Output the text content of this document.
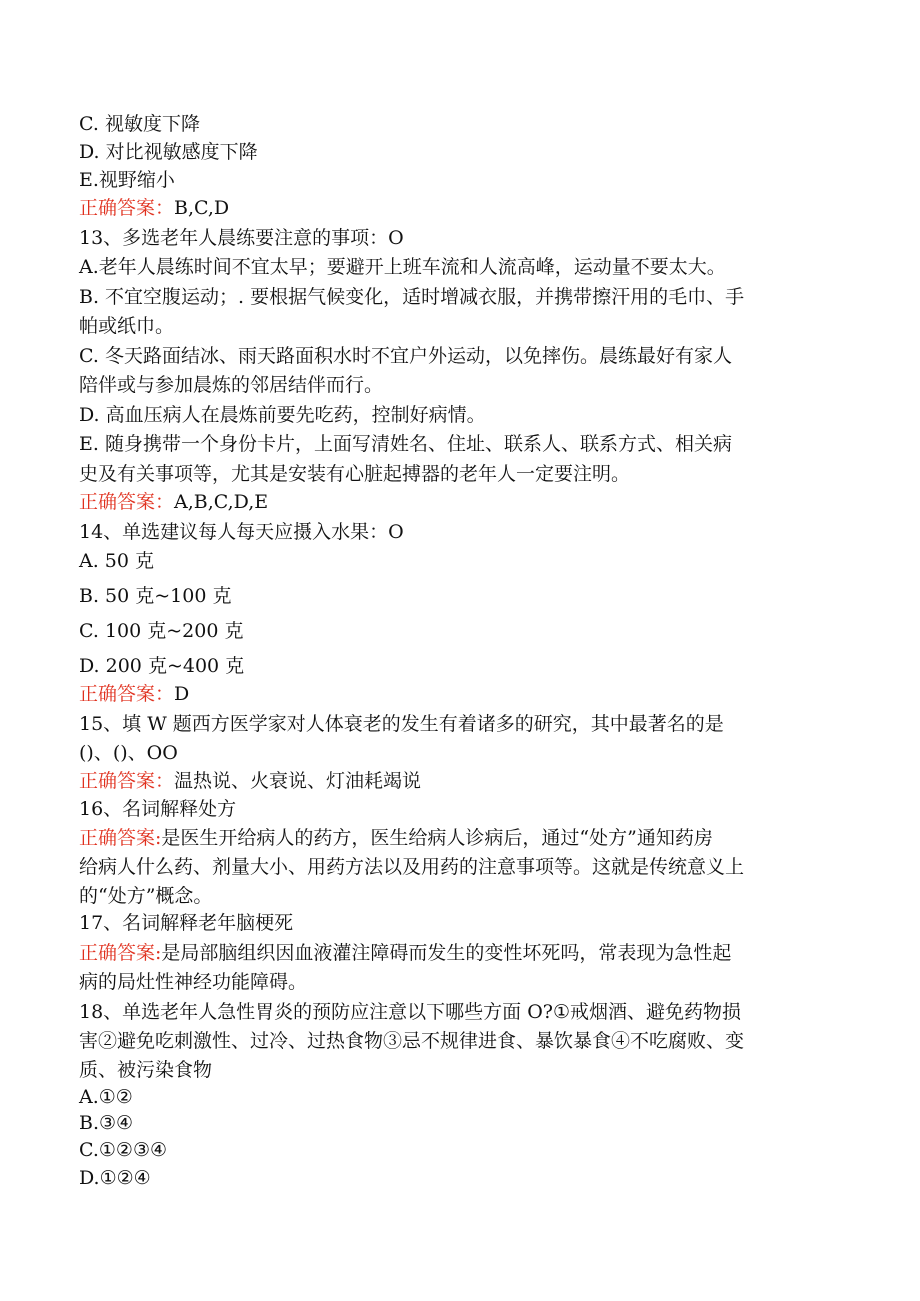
C. 视敏度下降
D. 对比视敏感度下降
E.视野缩小
正确答案：B,C,D
13、多选老年人晨练要注意的事项：O
A.老年人晨练时间不宜太早；要避开上班车流和人流高峰，运动量不要太大。
B. 不宜空腹运动；. 要根据气候变化，适时增减衣服，并携带擦汗用的毛巾、手
帕或纸巾。
C. 冬天路面结冰、雨天路面积水时不宜户外运动，以免摔伤。晨练最好有家人
陪伴或与参加晨炼的邻居结伴而行。
D. 高血压病人在晨炼前要先吃药，控制好病情。
E. 随身携带一个身份卡片，上面写清姓名、住址、联系人、联系方式、相关病
史及有关事项等，尤其是安装有心脏起搏器的老年人一定要注明。
正确答案：A,B,C,D,E
14、单选建议每人每天应摄入水果：O
A. 50 克
B. 50 克~100 克
C. 100 克~200 克
D. 200 克~400 克
正确答案：D
15、填 W 题西方医学家对人体衰老的发生有着诸多的研究，其中最著名的是
()、()、OO
正确答案：温热说、火衰说、灯油耗竭说
16、名词解释处方
正确答案:是医生开给病人的药方，医生给病人诊病后，通过“处方”通知药房
给病人什么药、剂量大小、用药方法以及用药的注意事项等。这就是传统意义上
的“处方”概念。
17、名词解释老年脑梗死
正确答案:是局部脑组织因血液灌注障碍而发生的变性坏死吗，常表现为急性起
病的局灶性神经功能障碍。
18、单选老年人急性胃炎的预防应注意以下哪些方面 O?①戒烟酒、避免药物损
害②避免吃刺激性、过冷、过热食物③忌不规律进食、暴饮暴食④不吃腐败、变
质、被污染食物
A.①②
B.③④
C.①②③④
D.①②④
